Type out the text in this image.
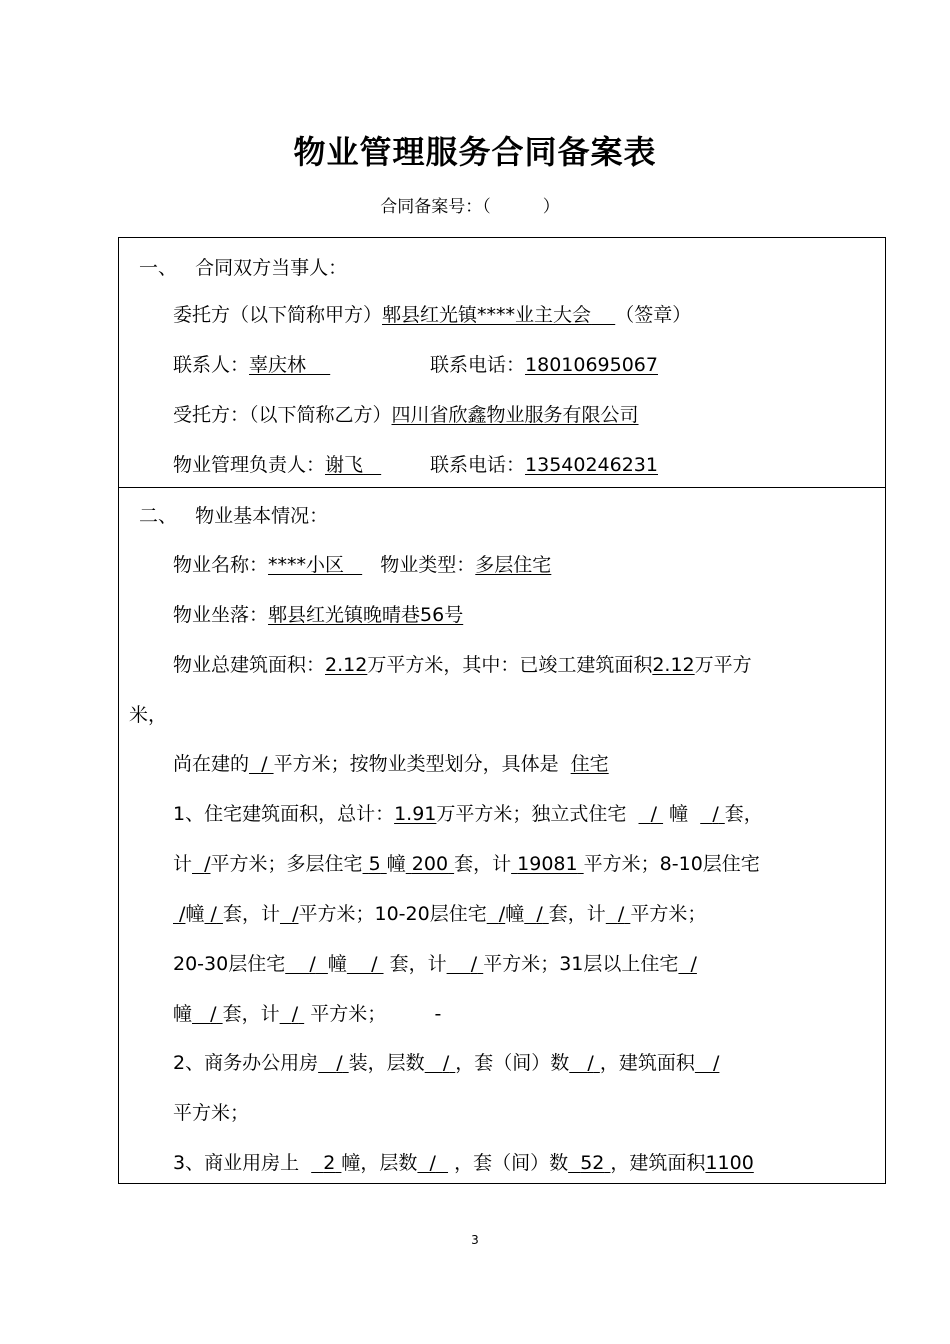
物业管理服务合同备案表
合同备案号：（	）
一、 合同双方当事人：
委托方（以下简称甲方）郫县红光镇****业主大会 （签章）
联系人：辜庆林	联系电话：18010695067
受托方：（以下简称乙方）四川省欣鑫物业服务有限公司
物业管理负责人：谢飞	联系电话：13540246231
二、 物业基本情况：
物业名称：****小区 物业类型：多层住宅
物业坐落：郫县红光镇晚晴巷56号
物业总建筑面积：2.12万平方米，其中：已竣工建筑面积2.12万平方
米，
尚在建的 / 平方米；按物业类型划分，具体是 住宅
1、住宅建筑面积，总计：1.91万平方米；独立式住宅 / 幢 / 套，
计 /平方米；多层住宅 5 幢 200 套，计 19081 平方米；8-10层住宅
/幢 / 套，计 /平方米；10-20层住宅 /幢 / 套，计 / 平方米；
20-30层住宅 / 幢 / 套，计 / 平方米；31层以上住宅 /
幢 / 套，计 / 平方米；	-
2、商务办公用房 / 装，层数 / ，套（间）数 / ，建筑面积 /
平方米；
3、商业用房上 2 幢，层数 / ，套（间）数 52 ，建筑面积1100
3
